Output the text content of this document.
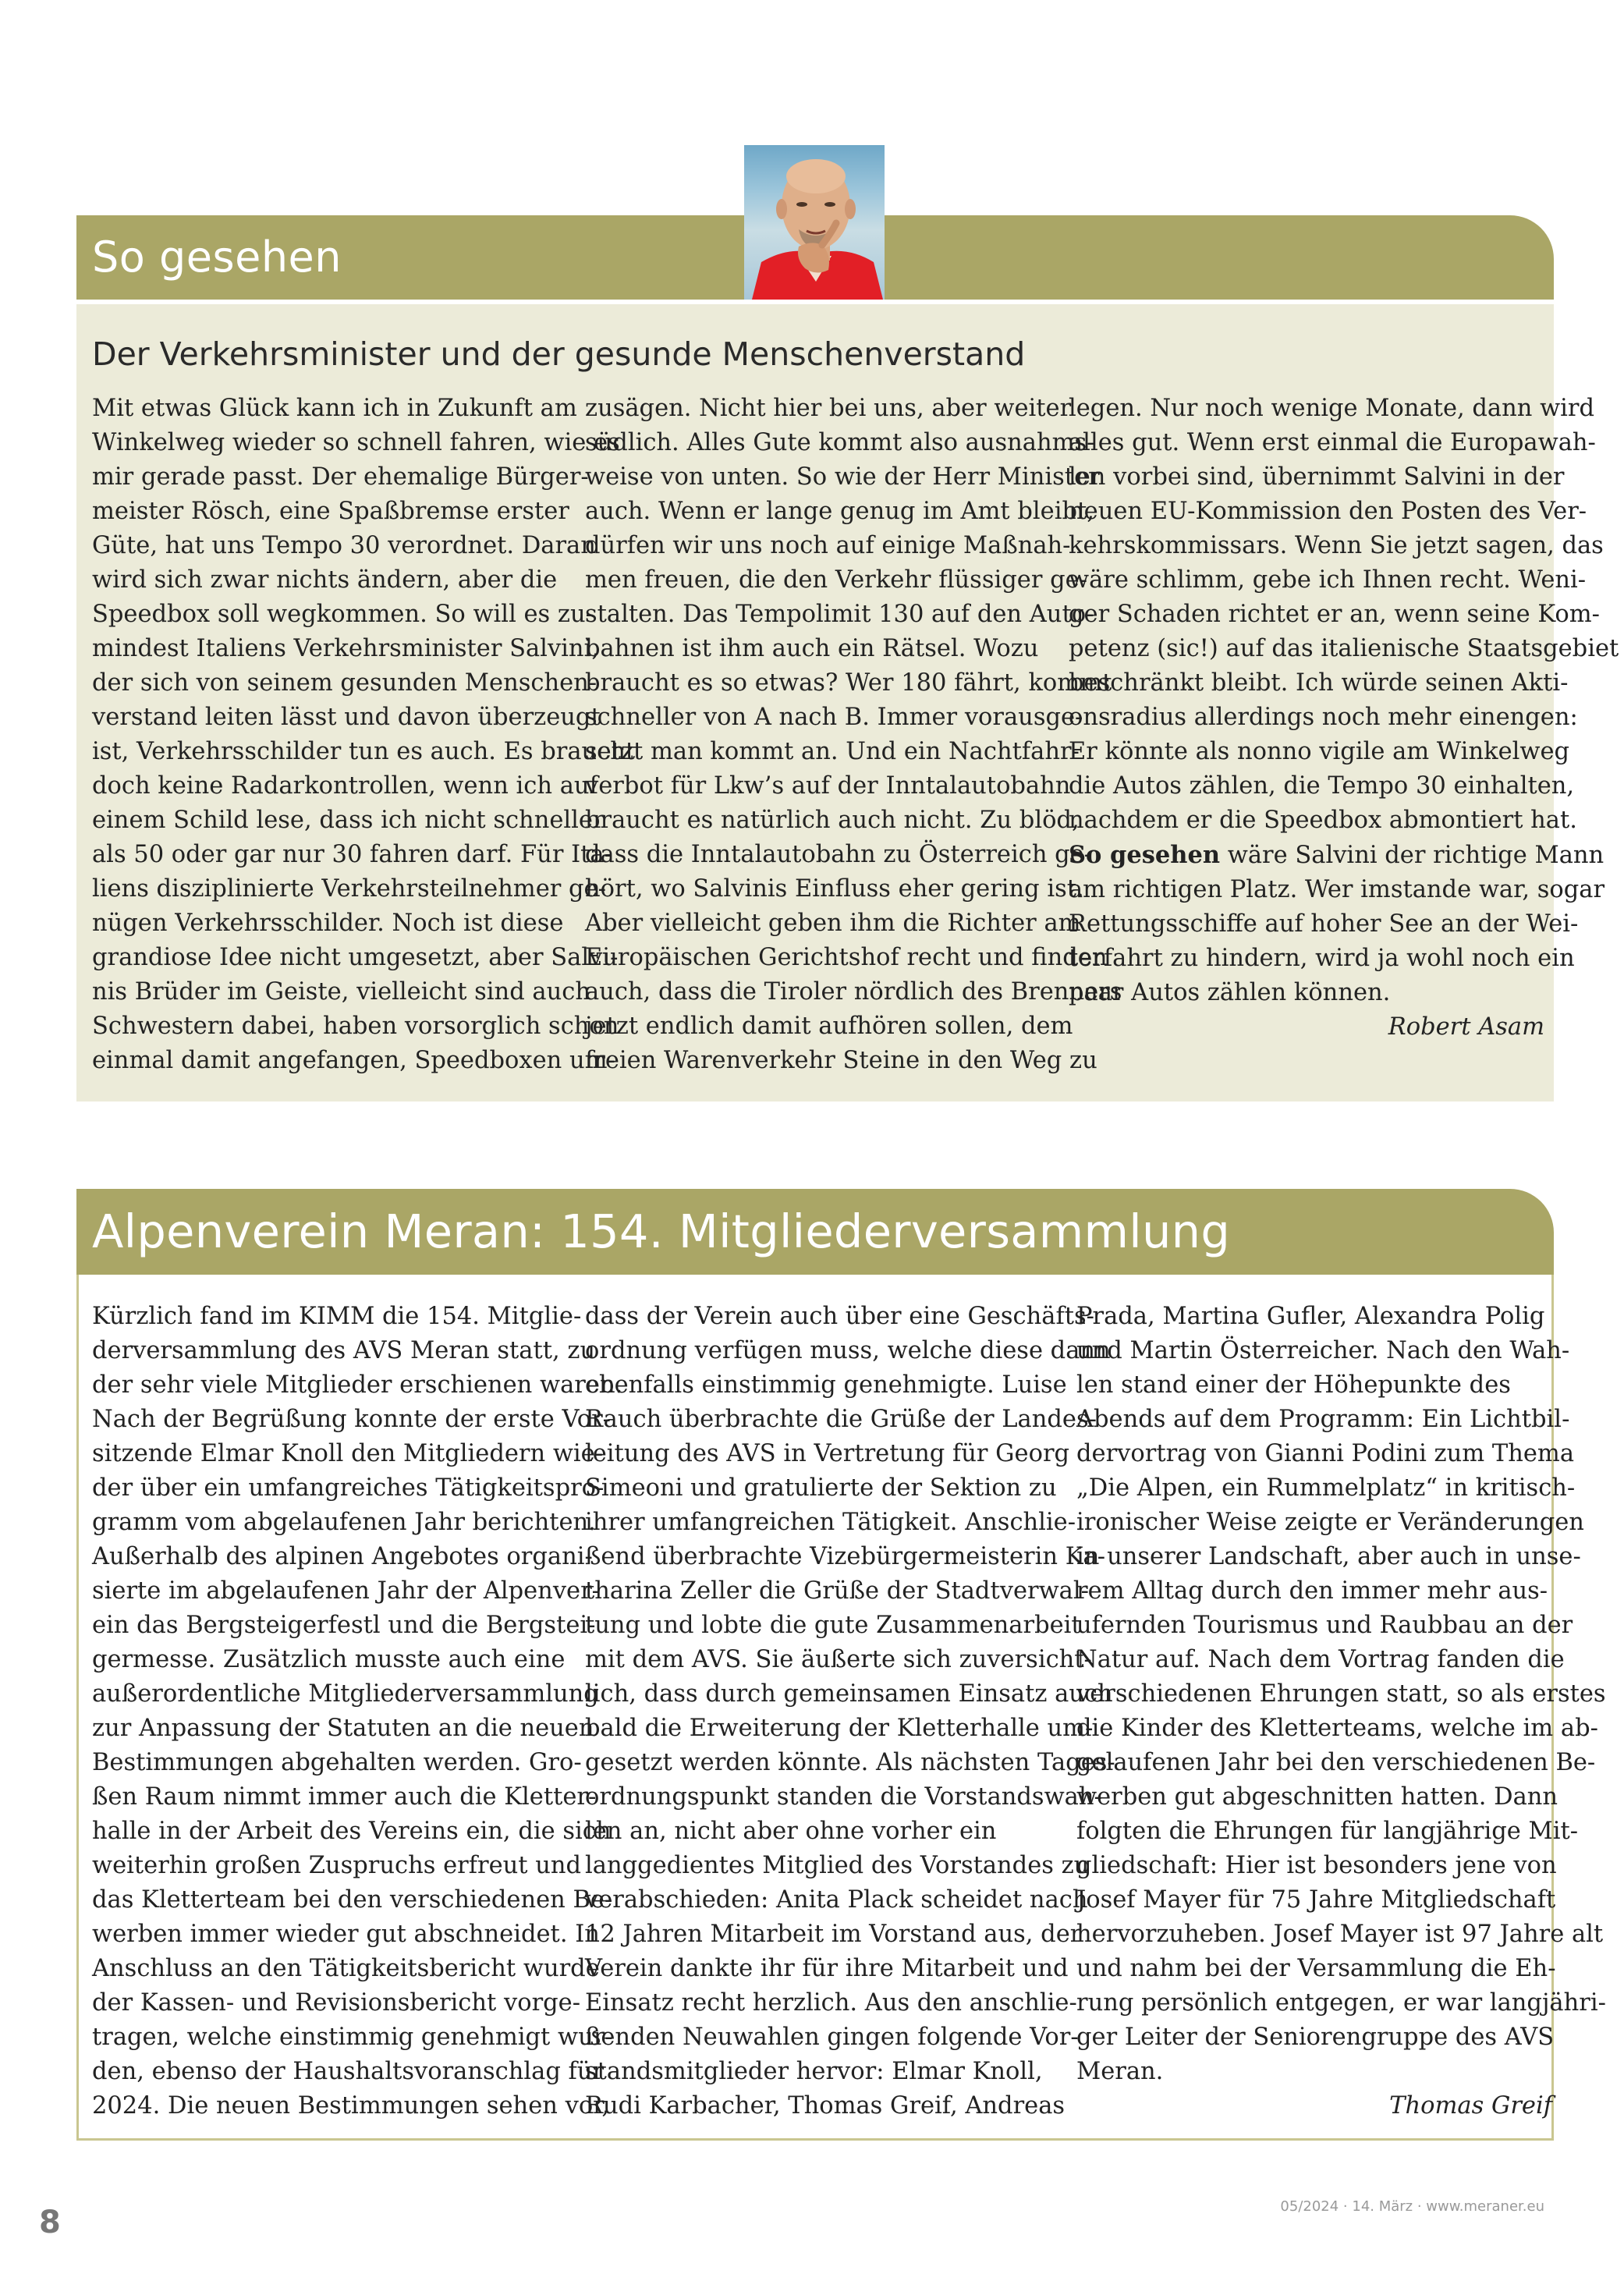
So gesehen
Der Verkehrsminister und der gesunde Menschenverstand
Mit etwas Glück kann ich in Zukunft am
Winkelweg wieder so schnell fahren, wie es
mir gerade passt. Der ehemalige Bürger-
meister Rösch, eine Spaßbremse erster
Güte, hat uns Tempo 30 verordnet. Daran
wird sich zwar nichts ändern, aber die
Speedbox soll wegkommen. So will es zu-
mindest Italiens Verkehrsminister Salvini,
der sich von seinem gesunden Menschen-
verstand leiten lässt und davon überzeugt
ist, Verkehrsschilder tun es auch. Es braucht
doch keine Radarkontrollen, wenn ich auf
einem Schild lese, dass ich nicht schneller
als 50 oder gar nur 30 fahren darf. Für Ita-
liens disziplinierte Verkehrsteilnehmer ge-
nügen Verkehrsschilder. Noch ist diese
grandiose Idee nicht umgesetzt, aber Salvi-
nis Brüder im Geiste, vielleicht sind auch
Schwestern dabei, haben vorsorglich schon
einmal damit angefangen, Speedboxen um-
zusägen. Nicht hier bei uns, aber weiter
südlich. Alles Gute kommt also ausnahms-
weise von unten. So wie der Herr Minister
auch. Wenn er lange genug im Amt bleibt,
dürfen wir uns noch auf einige Maßnah-
men freuen, die den Verkehr flüssiger ge-
stalten. Das Tempolimit 130 auf den Auto-
bahnen ist ihm auch ein Rätsel. Wozu
braucht es so etwas? Wer 180 fährt, kommt
schneller von A nach B. Immer vorausge-
setzt man kommt an. Und ein Nachtfahr-
verbot für Lkw’s auf der Inntalautobahn
braucht es natürlich auch nicht. Zu blöd,
dass die Inntalautobahn zu Österreich ge-
hört, wo Salvinis Einfluss eher gering ist.
Aber vielleicht geben ihm die Richter am
Europäischen Gerichtshof recht und finden
auch, dass die Tiroler nördlich des Brenners
jetzt endlich damit aufhören sollen, dem
freien Warenverkehr Steine in den Weg zu
legen. Nur noch wenige Monate, dann wird
alles gut. Wenn erst einmal die Europawah-
len vorbei sind, übernimmt Salvini in der
neuen EU-Kommission den Posten des Ver-
kehrskommissars. Wenn Sie jetzt sagen, das
wäre schlimm, gebe ich Ihnen recht. Weni-
ger Schaden richtet er an, wenn seine Kom-
petenz (sic!) auf das italienische Staatsgebiet
beschränkt bleibt. Ich würde seinen Akti-
onsradius allerdings noch mehr einengen:
Er könnte als nonno vigile am Winkelweg
die Autos zählen, die Tempo 30 einhalten,
nachdem er die Speedbox abmontiert hat.
So gesehen wäre Salvini der richtige Mann
am richtigen Platz. Wer imstande war, sogar
Rettungsschiffe auf hoher See an der Wei-
terfahrt zu hindern, wird ja wohl noch ein
paar Autos zählen können.
Robert Asam
Alpenverein Meran: 154. Mitgliederversammlung
Kürzlich fand im KIMM die 154. Mitglie-
derversammlung des AVS Meran statt, zu
der sehr viele Mitglieder erschienen waren.
Nach der Begrüßung konnte der erste Vor-
sitzende Elmar Knoll den Mitgliedern wie-
der über ein umfangreiches Tätigkeitspro-
gramm vom abgelaufenen Jahr berichten.
Außerhalb des alpinen Angebotes organi-
sierte im abgelaufenen Jahr der Alpenver-
ein das Bergsteigerfestl und die Bergstei-
germesse. Zusätzlich musste auch eine
außerordentliche Mitgliederversammlung
zur Anpassung der Statuten an die neuen
Bestimmungen abgehalten werden. Gro-
ßen Raum nimmt immer auch die Kletter-
halle in der Arbeit des Vereins ein, die sich
weiterhin großen Zuspruchs erfreut und
das Kletterteam bei den verschiedenen Be-
werben immer wieder gut abschneidet. In
Anschluss an den Tätigkeitsbericht wurde
der Kassen- und Revisionsbericht vorge-
tragen, welche einstimmig genehmigt wur-
den, ebenso der Haushaltsvoranschlag für
2024. Die neuen Bestimmungen sehen vor,
dass der Verein auch über eine Geschäfts-
ordnung verfügen muss, welche diese dann
ebenfalls einstimmig genehmigte. Luise
Rauch überbrachte die Grüße der Landes-
leitung des AVS in Vertretung für Georg
Simeoni und gratulierte der Sektion zu
ihrer umfangreichen Tätigkeit. Anschlie-
ßend überbrachte Vizebürgermeisterin Ka-
tharina Zeller die Grüße der Stadtverwal-
tung und lobte die gute Zusammenarbeit
mit dem AVS. Sie äußerte sich zuversicht-
lich, dass durch gemeinsamen Einsatz auch
bald die Erweiterung der Kletterhalle um-
gesetzt werden könnte. Als nächsten Tages-
ordnungspunkt standen die Vorstandswah-
len an, nicht aber ohne vorher ein
langgedientes Mitglied des Vorstandes zu
verabschieden: Anita Plack scheidet nach
12 Jahren Mitarbeit im Vorstand aus, der
Verein dankte ihr für ihre Mitarbeit und
Einsatz recht herzlich. Aus den anschlie-
ßenden Neuwahlen gingen folgende Vor-
standsmitglieder hervor: Elmar Knoll,
Rudi Karbacher, Thomas Greif, Andreas
Prada, Martina Gufler, Alexandra Polig
und Martin Österreicher. Nach den Wah-
len stand einer der Höhepunkte des
Abends auf dem Programm: Ein Lichtbil-
dervortrag von Gianni Podini zum Thema
„Die Alpen, ein Rummelplatz“ in kritisch-
ironischer Weise zeigte er Veränderungen
in unserer Landschaft, aber auch in unse-
rem Alltag durch den immer mehr aus-
ufernden Tourismus und Raubbau an der
Natur auf. Nach dem Vortrag fanden die
verschiedenen Ehrungen statt, so als erstes
die Kinder des Kletterteams, welche im ab-
gelaufenen Jahr bei den verschiedenen Be-
werben gut abgeschnitten hatten. Dann
folgten die Ehrungen für langjährige Mit-
gliedschaft: Hier ist besonders jene von
Josef Mayer für 75 Jahre Mitgliedschaft
hervorzuheben. Josef Mayer ist 97 Jahre alt
und nahm bei der Versammlung die Eh-
rung persönlich entgegen, er war langjähri-
ger Leiter der Seniorengruppe des AVS
Meran.
Thomas Greif
8	05/2024 · 14. März · www.meraner.eu
